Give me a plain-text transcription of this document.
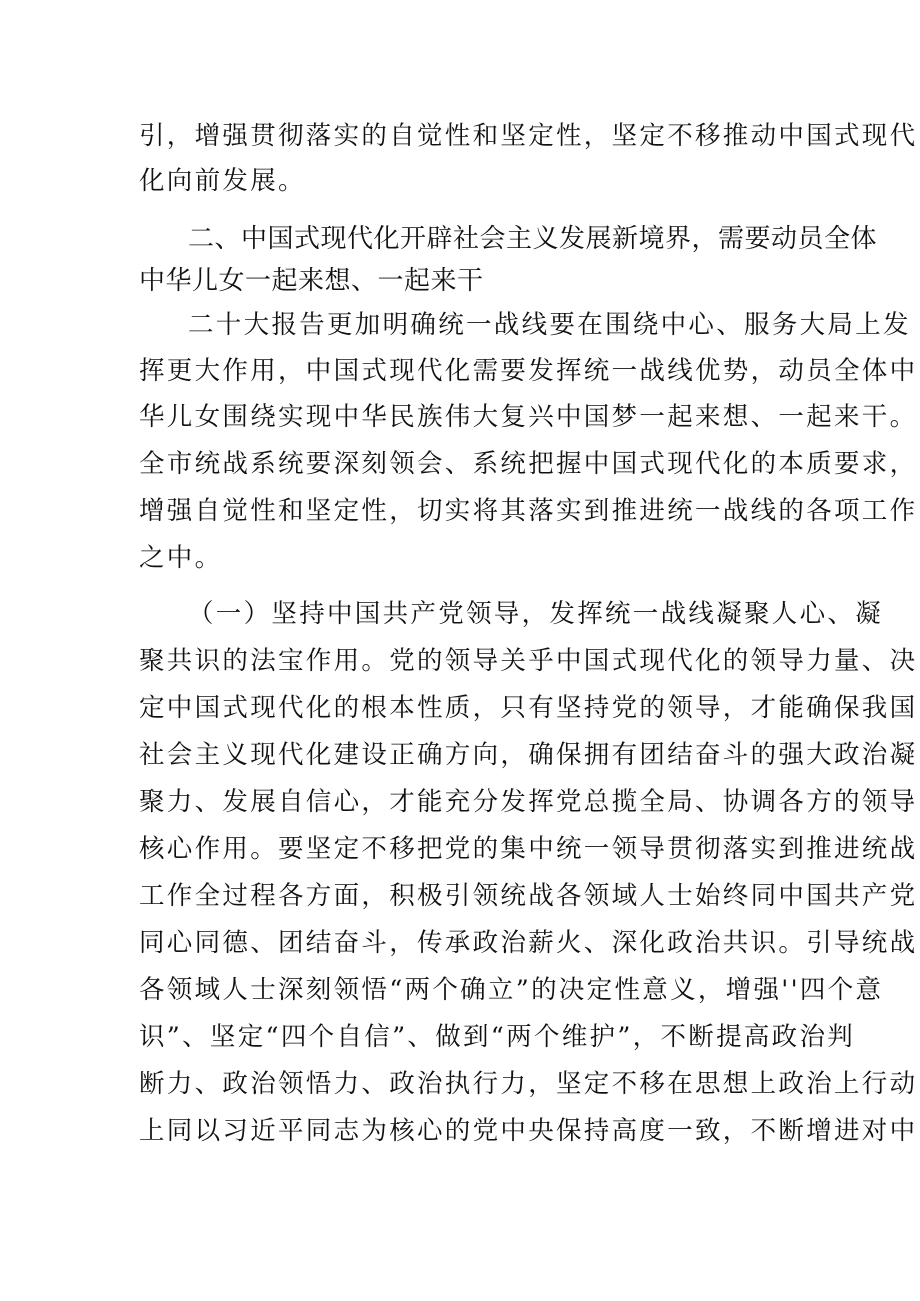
引，增强贯彻落实的自觉性和坚定性，坚定不移推动中国式现代

化向前发展。

二、中国式现代化开辟社会主义发展新境界，需要动员全体

中华儿女一起来想、一起来干

二十大报告更加明确统一战线要在围绕中心、服务大局上发

挥更大作用，中国式现代化需要发挥统一战线优势，动员全体中

华儿女围绕实现中华民族伟大复兴中国梦一起来想、一起来干。

全市统战系统要深刻领会、系统把握中国式现代化的本质要求，

增强自觉性和坚定性，切实将其落实到推进统一战线的各项工作

之中。

（一）坚持中国共产党领导，发挥统一战线凝聚人心、凝

聚共识的法宝作用。党的领导关乎中国式现代化的领导力量、决

定中国式现代化的根本性质，只有坚持党的领导，才能确保我国

社会主义现代化建设正确方向，确保拥有团结奋斗的强大政治凝

聚力、发展自信心，才能充分发挥党总揽全局、协调各方的领导

核心作用。要坚定不移把党的集中统一领导贯彻落实到推进统战

工作全过程各方面，积极引领统战各领域人士始终同中国共产党

同心同德、团结奋斗，传承政治薪火、深化政治共识。引导统战

各领域人士深刻领悟“两个确立”的决定性意义，增强''四个意

识”、坚定“四个自信”、做到“两个维护”，不断提高政治判

断力、政治领悟力、政治执行力，坚定不移在思想上政治上行动

上同以习近平同志为核心的党中央保持高度一致，不断增进对中
